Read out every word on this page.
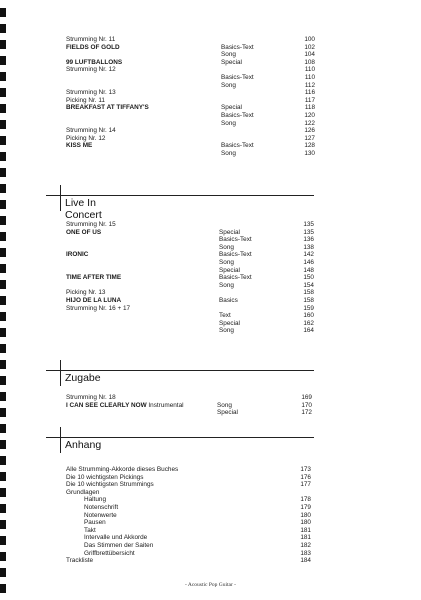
Strumming Nr. 11	100
FIELDS OF GOLD	Basics-Text	102
Song	104
99 LUFTBALLONS	Special	108
Strumming Nr. 12	110
Basics-Text	110
Song	112
Strumming Nr. 13	116
Picking Nr. 11	117
BREAKFAST AT TIFFANY'S	Special	118
Basics-Text	120
Song	122
Strumming Nr. 14	126
Picking Nr. 12	127
KISS ME	Basics-Text	128
Song	130
Live In Concert
Strumming Nr. 15	135
ONE OF US	Special	135
Basics-Text	136
Song	138
IRONIC	Basics-Text	142
Song	146
Special	148
TIME AFTER TIME	Basics-Text	150
Song	154
Picking Nr. 13	158
HIJO DE LA LUNA	Basics	158
Strumming Nr. 16 + 17	159
Text	160
Special	162
Song	164
Zugabe
Strumming Nr. 18	169
I CAN SEE CLEARLY NOW Instrumental	Song	170
Special	172
Anhang
Alle Strumming-Akkorde dieses Buches	173
Die 10 wichtigsten Pickings	176
Die 10 wichtigsten Strummings	177
Grundlagen
Haltung	178
Notenschrift	179
Notenwerte	180
Pausen	180
Takt	181
Intervalle und Akkorde	181
Das Stimmen der Saiten	182
Griffbrettübersicht	183
Trackliste	184
- Acoustic Pop Guitar -
